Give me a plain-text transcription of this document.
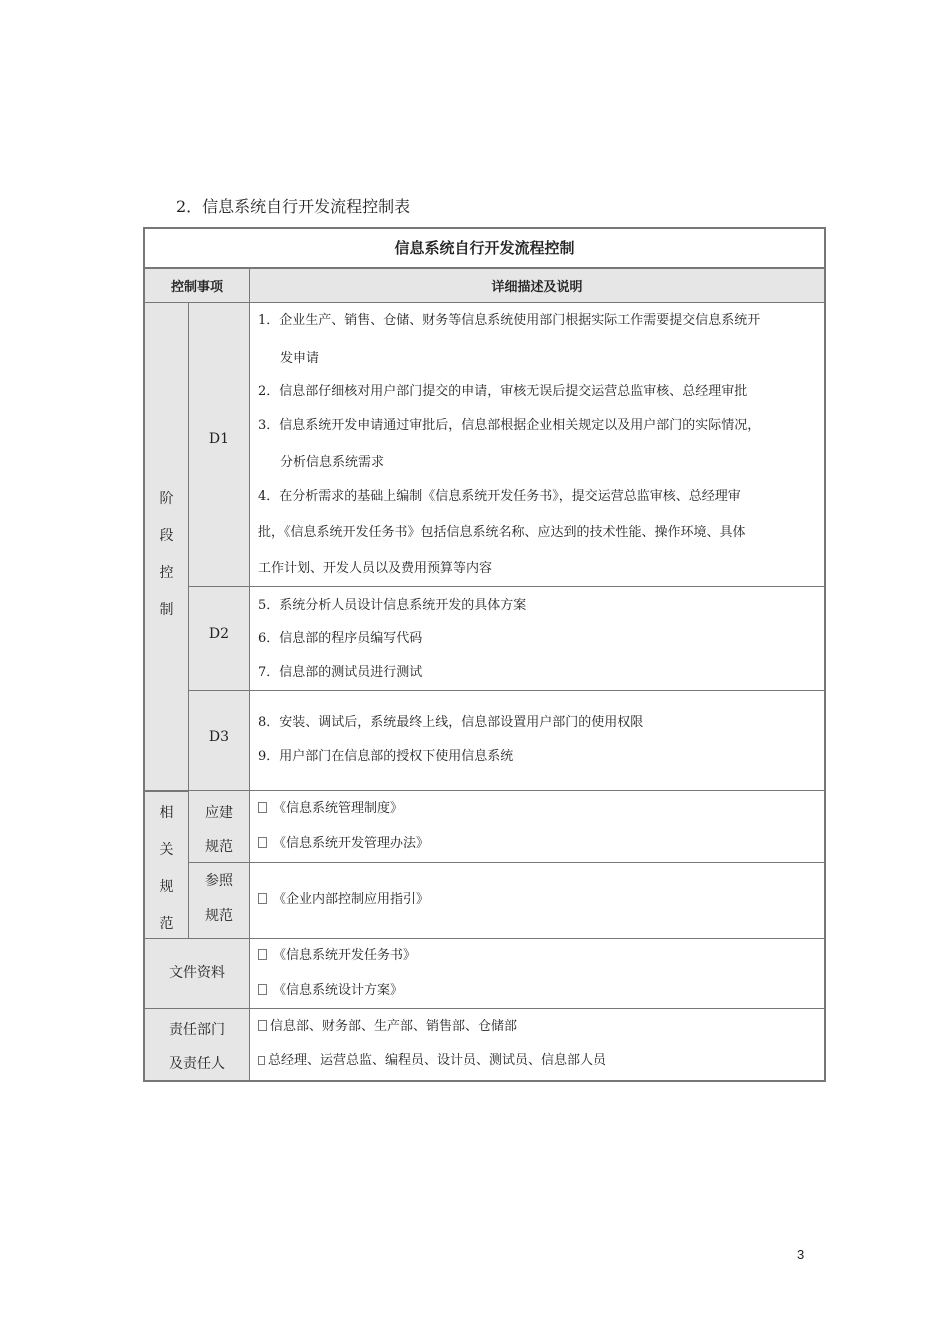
2．信息系统自行开发流程控制表
信息系统自行开发流程控制
控制事项	详细描述及说明
阶
段
控
制
D1
1．企业生产、销售、仓储、财务等信息系统使用部门根据实际工作需要提交信息系统开
发申请
2．信息部仔细核对用户部门提交的申请，审核无误后提交运营总监审核、总经理审批
3．信息系统开发申请通过审批后，信息部根据企业相关规定以及用户部门的实际情况，
分析信息系统需求
4．在分析需求的基础上编制《信息系统开发任务书》，提交运营总监审核、总经理审
批，《信息系统开发任务书》包括信息系统名称、应达到的技术性能、操作环境、具体
工作计划、开发人员以及费用预算等内容
D2
5．系统分析人员设计信息系统开发的具体方案
6．信息部的程序员编写代码
7．信息部的测试员进行测试
D3
8．安装、调试后，系统最终上线，信息部设置用户部门的使用权限
9．用户部门在信息部的授权下使用信息系统
相
关
规
范
应建
规范
《信息系统管理制度》
《信息系统开发管理办法》
参照
规范
《企业内部控制应用指引》
文件资料
《信息系统开发任务书》
《信息系统设计方案》
责任部门
及责任人
信息部、财务部、生产部、销售部、仓储部
总经理、运营总监、编程员、设计员、测试员、信息部人员
3
